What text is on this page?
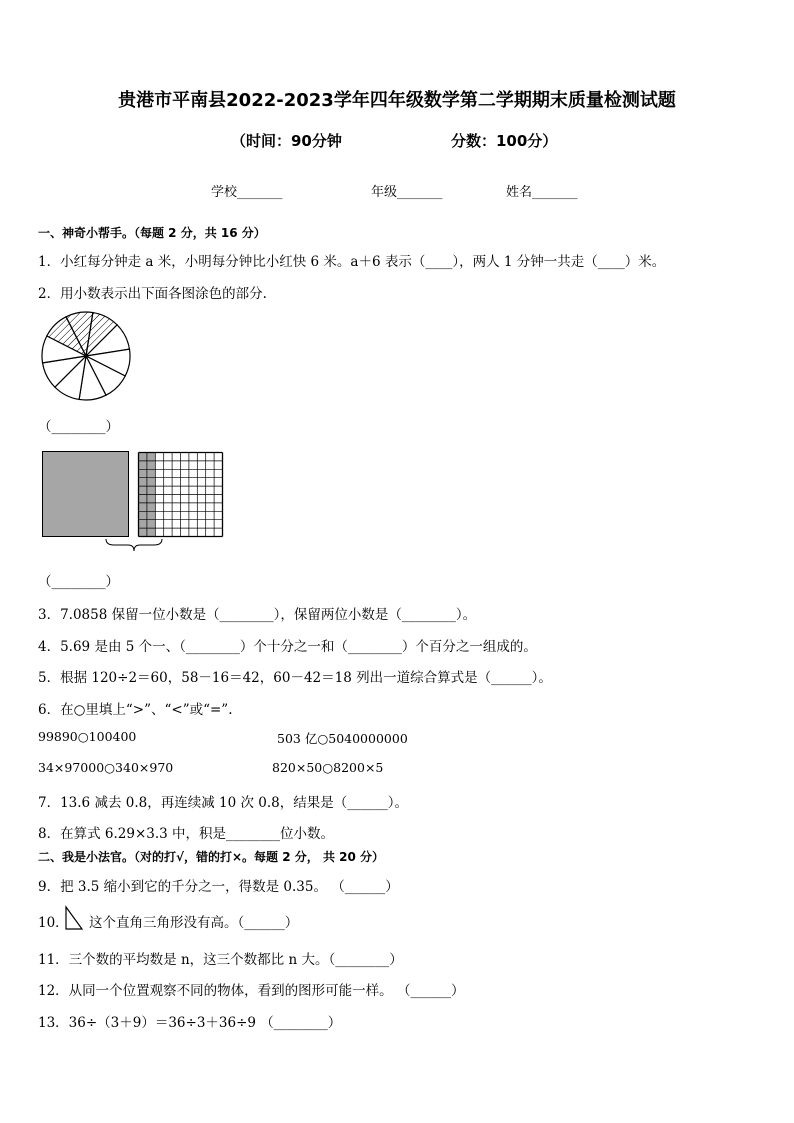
贵港市平南县2022-2023学年四年级数学第二学期期末质量检测试题
（时间：90分钟	分数：100分）
学校_______	年级_______	姓名_______
一、神奇小帮手。（每题 2 分，共 16 分）
1．小红每分钟走 a 米，小明每分钟比小红快 6 米。a＋6 表示（____），两人 1 分钟一共走（____）米。
2．用小数表示出下面各图涂色的部分.
（________）
（________）
3．7.0858 保留一位小数是（________），保留两位小数是（________）。
4．5.69 是由 5 个一、（________）个十分之一和（________）个百分之一组成的。
5．根据 120÷2＝60，58－16＝42，60－42＝18 列出一道综合算式是（______）。
6．在○里填上“>”、“<”或“=”.
99890○100400	503 亿○5040000000
34×97000○340×970	820×50○8200×5
7．13.6 减去 0.8，再连续减 10 次 0.8，结果是（______）。
8．在算式 6.29×3.3 中，积是________位小数。
二、我是小法官。（对的打√，错的打×。每题 2 分， 共 20 分）
9．把 3.5 缩小到它的千分之一，得数是 0.35。 （______）
10． 这个直角三角形没有高。（______）
11．三个数的平均数是 n，这三个数都比 n 大。（________）
12．从同一个位置观察不同的物体，看到的图形可能一样。 （______）
13．36÷（3＋9）＝36÷3＋36÷9 （________）
